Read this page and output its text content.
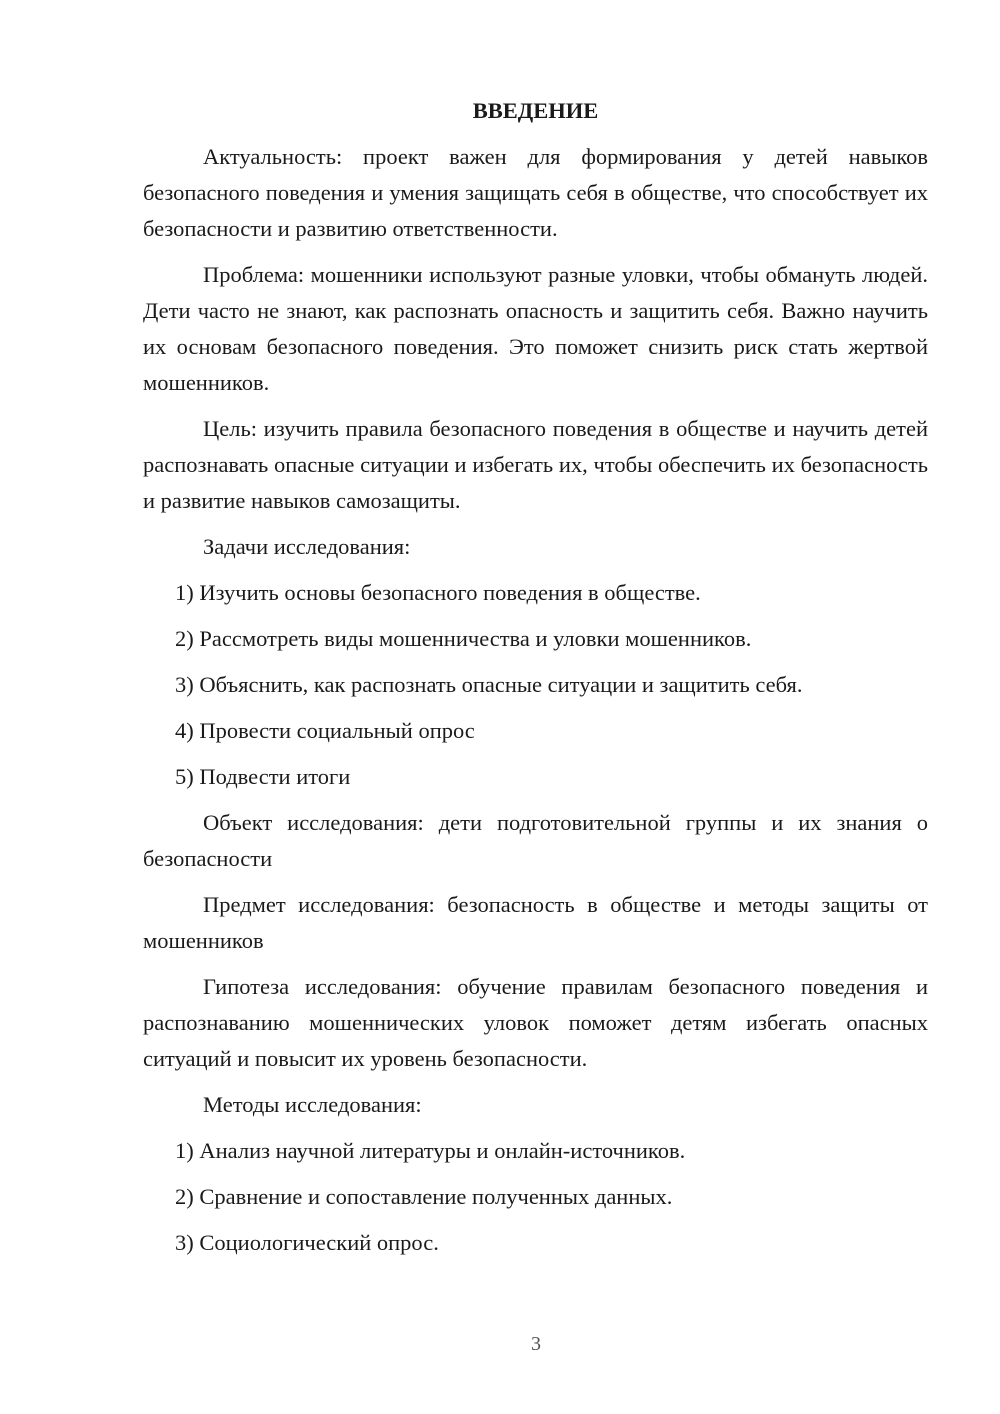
ВВЕДЕНИЕ
Актуальность: проект важен для формирования у детей навыков безопасного поведения и умения защищать себя в обществе, что способствует их безопасности и развитию ответственности.
Проблема: мошенники используют разные уловки, чтобы обмануть людей. Дети часто не знают, как распознать опасность и защитить себя. Важно научить их основам безопасного поведения. Это поможет снизить риск стать жертвой мошенников.
Цель: изучить правила безопасного поведения в обществе и научить детей распознавать опасные ситуации и избегать их, чтобы обеспечить их безопасность и развитие навыков самозащиты.
Задачи исследования:
1) Изучить основы безопасного поведения в обществе.
2) Рассмотреть виды мошенничества и уловки мошенников.
3) Объяснить, как распознать опасные ситуации и защитить себя.
4) Провести социальный опрос
5) Подвести итоги
Объект исследования: дети подготовительной группы и их знания о безопасности
Предмет исследования: безопасность в обществе и методы защиты от мошенников
Гипотеза исследования: обучение правилам безопасного поведения и распознаванию мошеннических уловок поможет детям избегать опасных ситуаций и повысит их уровень безопасности.
Методы исследования:
1) Анализ научной литературы и онлайн-источников.
2) Сравнение и сопоставление полученных данных.
3) Социологический опрос.
3
